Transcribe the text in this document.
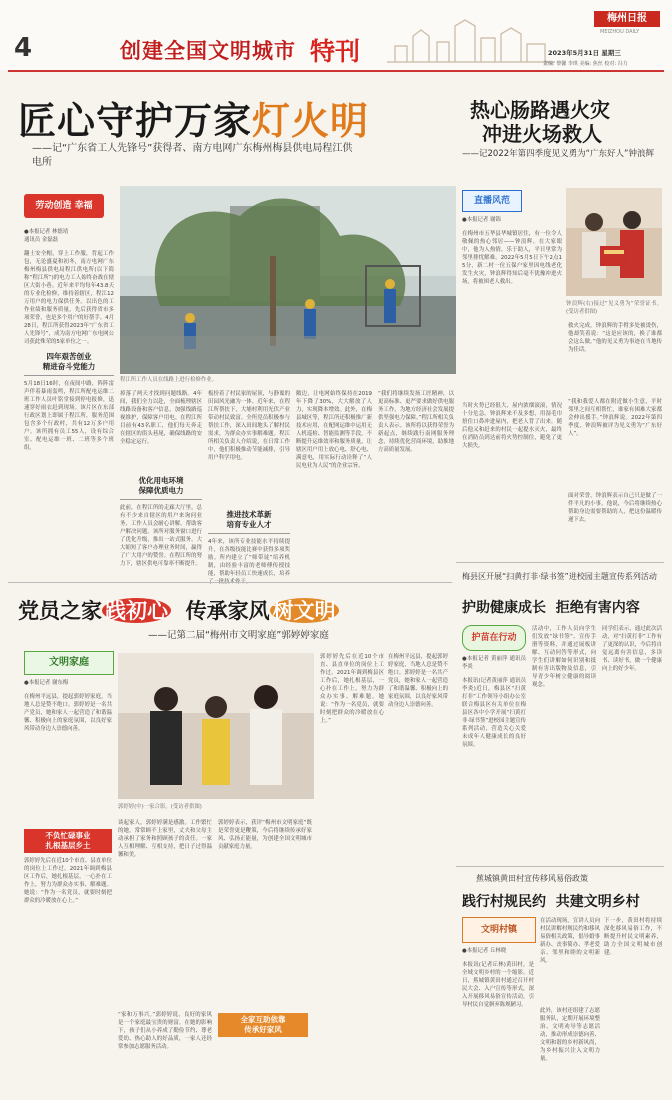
4	创建全国文明城市 特刊
梅州日报
MEIZHOU DAILY
2023年5月31日 星期三
责编: 黎馨 李琪 美编: 焦丝 校对: 冯力
匠心守护万家灯火明
——记“广东省工人先锋号”获得者、南方电网广东梅州梅县供电局程江供电所
劳动创造 幸福
●本报记者 林德靖
通讯员 金磊磊
翻土安全帽，穿上工作服，背起工作包，无论盛夏和初冬，南方电网广东梅州梅县供电局程江供电所(以下简称“程江所”)的电力工人始终奋战在辖区大街小巷。近年来平均每年43.8天的专业化检修，维持着辖区，程江12万用户的电力保供任务。以出色的工作业绩和服务质量，先后获得省市多项荣誉，也是多个用户的好帮手。4月28日，程江所获得2023年“广东省工人先锋号”，成为南方电网广东电网公司获此殊荣的5家单位之一。
四年艰苦创业
精进奋斗党能力
5月18日16时，在夜间中路，阵阵雷声伴着暴雨轰鸣，程江所配电运维二班工作人员叶铭堂接到停电报修，迅速穿好雨衣赶到现场。该片区在东部行政区划上即属于程江所，服务范围包含多个行政村，共有12万多户用户。该所拥有员工55人，设有综合室、配电运维一班、二班等多个班组。
程江所工作人员在线路上进行检修作业。
掉落了两天才找到问题线路。4年间，我们全力以赴，全面梳理辖区线路设备和客户信息，加强线路巡视维护，保障客户用电。在程江所目前有43名职工，他们每天奔走在辖区的街头巷尾，确保线路的安全稳定运行。
优化用电环境
保障优质电力
此前，在程江所的走廊大厅里，总有不少来自辖区的用户来询问业务，工作人员会耐心讲解，帮助客户解决问题。该所对服务窗口进行了优化升级，推出一站式服务，大大缩短了客户办理业务时间，赢得了广大用户的赞誉。在程江所的努力下，辖区供电可靠率不断提升。
板扮着了村民家的屋顶，与静谧的田园风光融为一体。近年来，在程江所帮扶下，大埔村利用光伏产业带动村民致富。全所党员积极参与帮扶工作，深入田间地头了解村民需求，为群众办实事解难题。程江所相关负责人介绍说，在日常工作中，他们积极推动节能减排，引导用户科学用电。
推进技术革新
培育专业人才
4年来，该所专业技能水平持续提升，在各级技能比赛中获得多项奖励。所内建立了“师带徒”培养机制，由经验丰富的老师傅传授技能，帮助年轻员工快速成长，培养了一批技术骨干。
敞边，让电网始终保持在2019年下降了30%，大大解放了人力，实现降本增效。此外，在梅县城区等，程江所还积极推广新技术应用，在配网运维中运用无人机巡检、智能监测等手段，不断提升运维效率和服务质量，让辖区用户用上放心电、舒心电、满意电，用实际行动诠释了“人民电业为人民”的企业宗旨。
“我们将继续发扬工匠精神，以更高标准、更严要求做好供电服务工作，为地方经济社会发展提供坚强电力保障。”程江所相关负责人表示。该所将以获得荣誉为新起点，继续践行南网服务理念，持续优化营商环境，助推地方高质量发展。
热心肠路遇火灾
冲进火场救人
——记2022年第四季度见义勇为“广东好人”钟浪辉
直播风范
●本报记者 谢锦
钟浪辉(右)接过“见义勇为”荣誉证书。(受访者供图)
在梅州市五华县华城镇居住，有一位令人敬佩的热心邻居——钟浪辉。在大家眼中，他为人热情，乐于助人，平日里常为邻里排忧解难。2022年5月5日下午2点15分，新二村一位五保户家里因电线老化发生火灾，钟浪辉得知后毫不犹豫冲进火场，将被困老人救出。
当时火势已经很大，屋内浓烟滚滚，情况十分危急。钟浪辉来不及多想，用湿毛巾捂住口鼻冲进屋内，把老人背了出来。随后他又和赶来的村民一起提水灭火，最终在消防员到达前将火势控制住，避免了更大损失。
救火完成，钟浪辉的手臂多处被烫伤，他却笑着说：“这是应该的，换了谁都会这么做。”他的见义勇为事迹在当地传为佳话。
“我和我爱人都在附近做小生意，平时邻里之间互相帮忙，谁家有困难大家都会伸出援手。”钟浪辉说。2022年第四季度，钟浪辉被评为见义勇为“广东好人”。
面对荣誉，钟浪辉表示自己只是做了一件平凡的小事。他说，今后将继续热心帮助身边需要帮助的人，把这份温暖传递下去。
梅县区开展“扫黄打非·绿书签”进校园主题宣传系列活动
护助健康成长 拒绝有害内容
护苗在行动
●本报记者 黄丽萍 通讯员 李炎
本报讯(记者黄丽萍 通讯员李炎)近日，梅县区“扫黄打非”工作领导小组办公室联合梅县区有关单位在梅县区各中小学开展“扫黄打非·绿书签”进校园主题宣传系列活动，营造关心关爱未成年人健康成长的良好氛围。
活动中，工作人员向学生们发放“绿书签”、宣传手册等资料，并通过展板讲解、互动问答等形式，向学生们讲解如何识别和抵制有害出版物及信息，引导青少年树立健康的阅读观念。
同学们表示，通过此次活动，对“扫黄打非”工作有了更深的认识，今后将自觉远离有害信息，多读书、读好书，做一个健康向上的好少年。
党员之家 践初心 传承家风 树文明
——记第二届“梅州市文明家庭”郭婷婷家庭
文明家庭
●本报记者 谢东梅
在梅州平远县，提起郭婷婷家庭，当地人总是赞不绝口。郭婷婷是一名共产党员，她和家人一起营造了和谐温馨、积极向上的家庭氛围，以良好家风带动身边人崇德向善。
不负忙碌事业
扎根基层乡土
郭婷婷先后在近10个市直、县直单位的岗位上工作过。2021年调到梅县区工作后，她扎根基层，一心扑在工作上，努力为群众办实事、解难题。她说：“作为一名党员，就要时刻把群众的冷暖放在心上。”
郭婷婷(中)一家合影。(受访者供图)
谈起家人，郭婷婷满是感激。工作繁忙的她，常常顾不上家里，丈夫和父母主动承担了家务和照顾孩子的责任。一家人互相理解、互相支持，把日子过得温馨和美。
全家互助依靠
传承好家风
“家和万事兴。”郭婷婷说，良好的家风是一个家庭最宝贵的财富。在她的影响下，孩子们从小养成了勤俭节约、尊老爱幼、热心助人的好品质，一家人还经常参加志愿服务活动。
郭婷婷表示，获评“梅州市文明家庭”既是荣誉更是鞭策，今后将继续传承好家风、弘扬正能量，为创建全国文明城市贡献家庭力量。
郭婷婷先后在近10个市直、县直单位的岗位上工作过。2021年调到梅县区工作后，她扎根基层，一心扑在工作上，努力为群众办实事、解难题。她说：“作为一名党员，就要时刻把群众的冷暖放在心上。”
在梅州平远县，提起郭婷婷家庭，当地人总是赞不绝口。郭婷婷是一名共产党员，她和家人一起营造了和谐温馨、积极向上的家庭氛围，以良好家风带动身边人崇德向善。
蕉城镇黄田村宣传移风易俗政策
践行村规民约 共建文明乡村
文明村镇
●本报记者 丘林晓
本报讯(记者丘林)黄田村，是全域文明乡村的一个缩影。近日，蕉城镇黄田村通过召开村民大会、入户宣传等形式，深入开展移风易俗宣传活动，引导村民自觉摒弃陈规陋习。
在活动现场，宣讲人员向村民讲解村规民约和移风易俗相关政策，倡导婚事新办、丧事简办、孝老爱亲、邻里和睦的文明新风。
此外，该村还组建了志愿服务队，定期开展环境整治、文明劝导等志愿活动，推动形成崇德向善、文明和谐的乡村新风尚，为乡村振兴注入文明力量。
下一步，黄田村将持续深化移风易俗工作，不断提升村民文明素养，助力全国文明城市创建。
